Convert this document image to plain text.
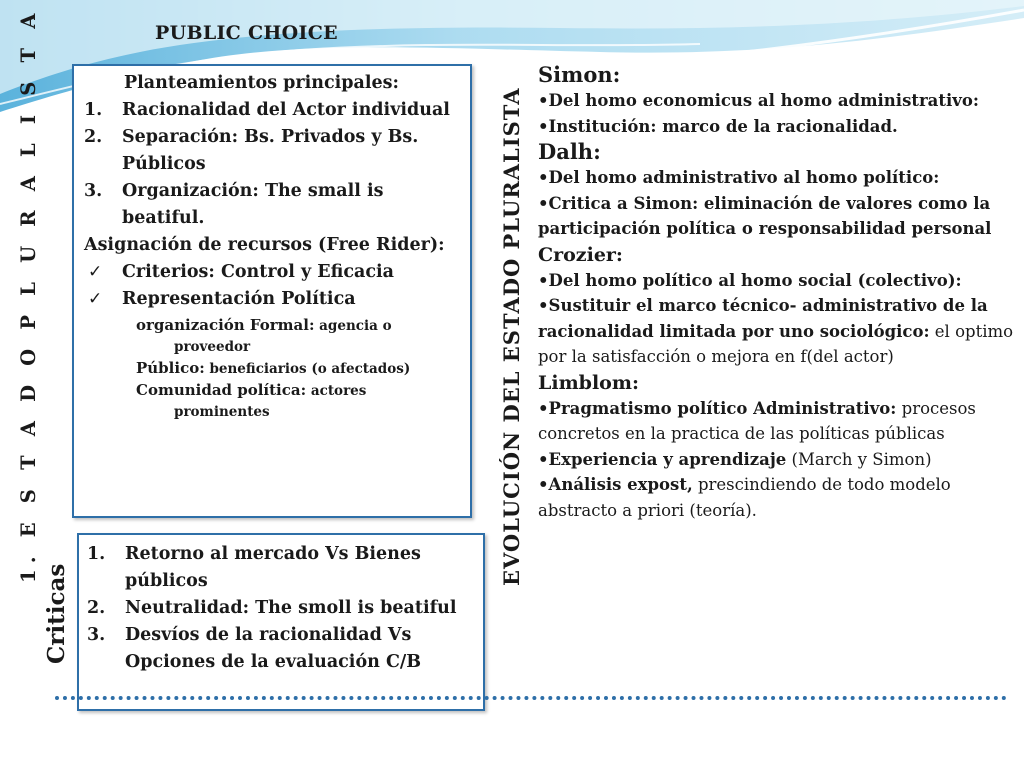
PUBLIC CHOICE
Planteamientos principales:
1. Racionalidad del Actor individual
2. Separación: Bs. Privados y Bs. Públicos
3. Organización: The small is beatiful.
Asignación de recursos (Free Rider):
✓ Criterios: Control y Eficacia
✓ Representación Política
organización Formal: agencia o
proveedor
Público: beneficiarios (o afectados)
Comunidad política: actores
prominentes
1. Retorno al mercado Vs Bienes públicos
2. Neutralidad: The smoll is beatiful
3. Desvíos de la racionalidad Vs Opciones de la evaluación C/B
1. E S T A D O P L U R A L I S T A
Criticas
EVOLUCIÓN DEL ESTADO PLURALISTA
Simon:
•Del homo economicus al homo administrativo:
•Institución: marco de la racionalidad.
Dalh:
•Del homo administrativo al homo político:
•Critica a Simon: eliminación de valores como la participación política o responsabilidad personal
Crozier:
•Del homo político al homo social (colectivo):
•Sustituir el marco técnico- administrativo de la racionalidad limitada por uno sociológico: el optimo por la satisfacción o mejora en f(del actor)
Limblom:
•Pragmatismo político Administrativo: procesos concretos en la practica de las políticas públicas
•Experiencia y aprendizaje (March y Simon)
•Análisis expost, prescindiendo de todo modelo abstracto a priori (teoría).
